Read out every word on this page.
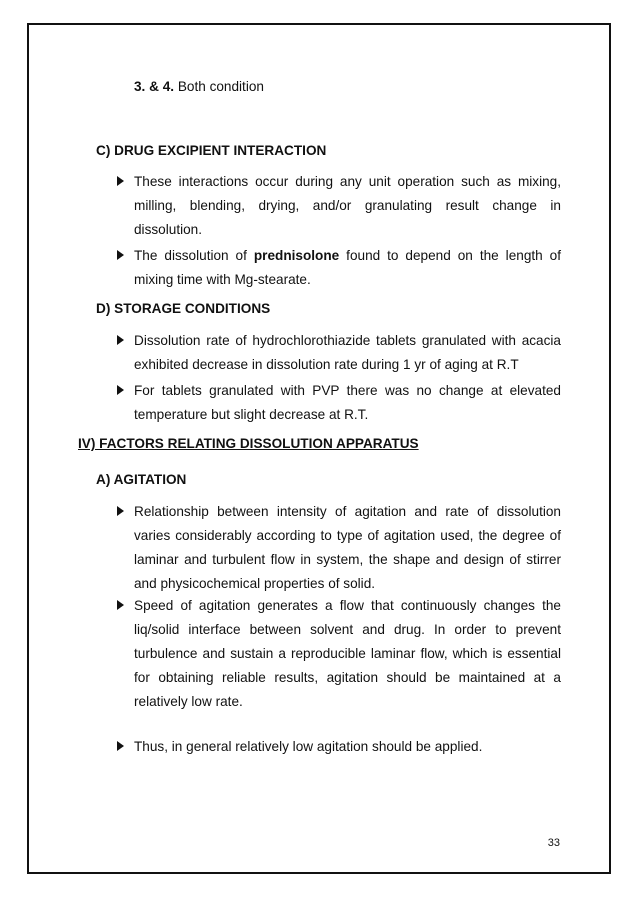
3. & 4. Both condition
C) DRUG EXCIPIENT INTERACTION
These interactions occur during any unit operation such as mixing, milling, blending, drying, and/or granulating result change in dissolution.
The dissolution of prednisolone found to depend on the length of mixing time with Mg-stearate.
D) STORAGE CONDITIONS
Dissolution rate of hydrochlorothiazide tablets granulated with acacia exhibited decrease in dissolution rate during 1 yr of aging at R.T
For tablets granulated with PVP there was no change at elevated temperature but slight decrease at R.T.
IV) FACTORS RELATING DISSOLUTION APPARATUS
A) AGITATION
Relationship between intensity of agitation and rate of dissolution varies considerably according to type of agitation used, the degree of laminar and turbulent flow in system, the shape and design of stirrer and physicochemical properties of solid.
Speed of agitation generates a flow that continuously changes the liq/solid interface between solvent and drug. In order to prevent turbulence and sustain a reproducible laminar flow, which is essential for obtaining reliable results, agitation should be maintained at a relatively low rate.
Thus, in general relatively low agitation should be applied.
33
